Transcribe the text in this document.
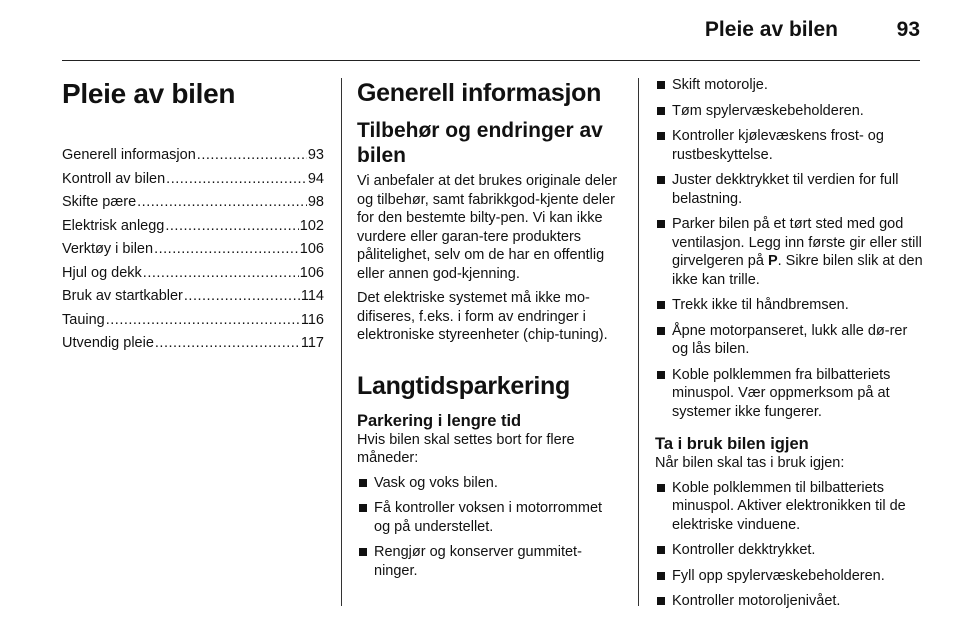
Pleie av bilen	93
Pleie av bilen
Generell informasjon .....	93
Kontroll av bilen .....	94
Skifte pære .....	98
Elektrisk anlegg .....	102
Verktøy i bilen .....	106
Hjul og dekk .....	106
Bruk av startkabler .....	114
Tauing .....	116
Utvendig pleie .....	117
Generell informasjon
Tilbehør og endringer av bilen

Vi anbefaler at det brukes originale deler og tilbehør, samt fabrikkgod-kjente deler for den bestemte bilty-pen. Vi kan ikke vurdere eller garan-tere produkters pålitelighet, selv om de har en offentlig eller annen god-kjenning.

Det elektriske systemet må ikke mo-difiseres, f.eks. i form av endringer i elektroniske styreenheter (chip-tuning).

Langtidsparkering
Parkering i lengre tid

Hvis bilen skal settes bort for flere måneder:

Vask og voks bilen.
Få kontroller voksen i motorrommet og på understellet.
Rengjør og konserver gummitet-ninger.
Skift motorolje.
Tøm spylervæskebeholderen.
Kontroller kjølevæskens frost- og rustbeskyttelse.
Juster dekktrykket til verdien for full belastning.
Parker bilen på et tørt sted med god ventilasjon. Legg inn første gir eller still girvelgeren på P. Sikre bilen slik at den ikke kan trille.
Trekk ikke til håndbremsen.
Åpne motorpanseret, lukk alle dø-rer og lås bilen.
Koble polklemmen fra bilbatteriets minuspol. Vær oppmerksom på at systemer ikke fungerer.
Ta i bruk bilen igjen

Når bilen skal tas i bruk igjen:

Koble polklemmen til bilbatteriets minuspol. Aktiver elektronikken til de elektriske vinduene.
Kontroller dekktrykket.
Fyll opp spylervæskebeholderen.
Kontroller motoroljenivået.
